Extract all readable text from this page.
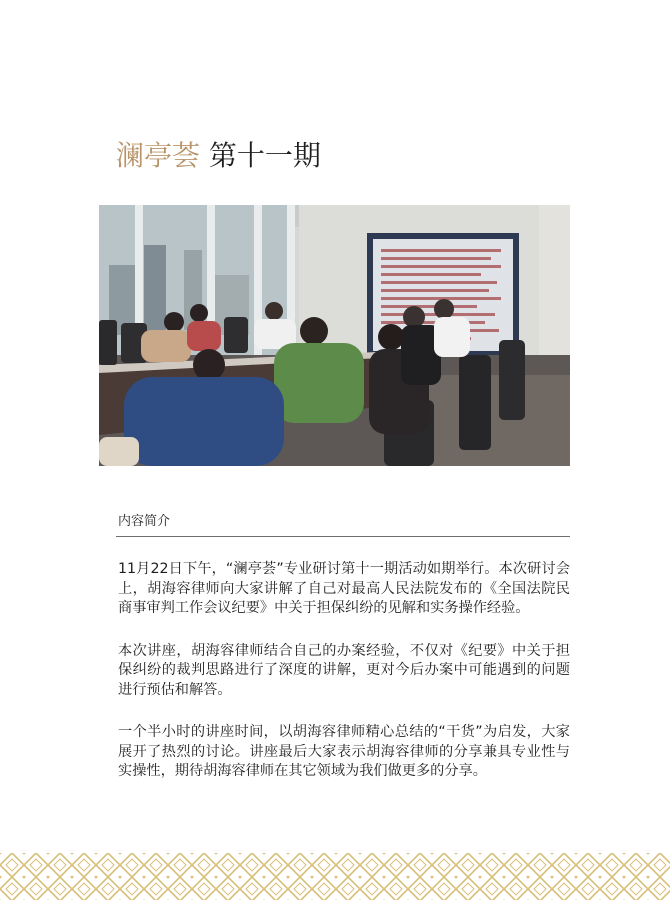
澜亭荟 第十一期
内容简介

11月22日下午，“澜亭荟”专业研讨第十一期活动如期举行。本次研讨会上，胡海容律师向大家讲解了自己对最高人民法院发布的《全国法院民商事审判工作会议纪要》中关于担保纠纷的见解和实务操作经验。

本次讲座，胡海容律师结合自己的办案经验，不仅对《纪要》中关于担保纠纷的裁判思路进行了深度的讲解，更对今后办案中可能遇到的问题进行预估和解答。

一个半小时的讲座时间，以胡海容律师精心总结的“干货”为启发，大家展开了热烈的讨论。讲座最后大家表示胡海容律师的分享兼具专业性与实操性，期待胡海容律师在其它领域为我们做更多的分享。
